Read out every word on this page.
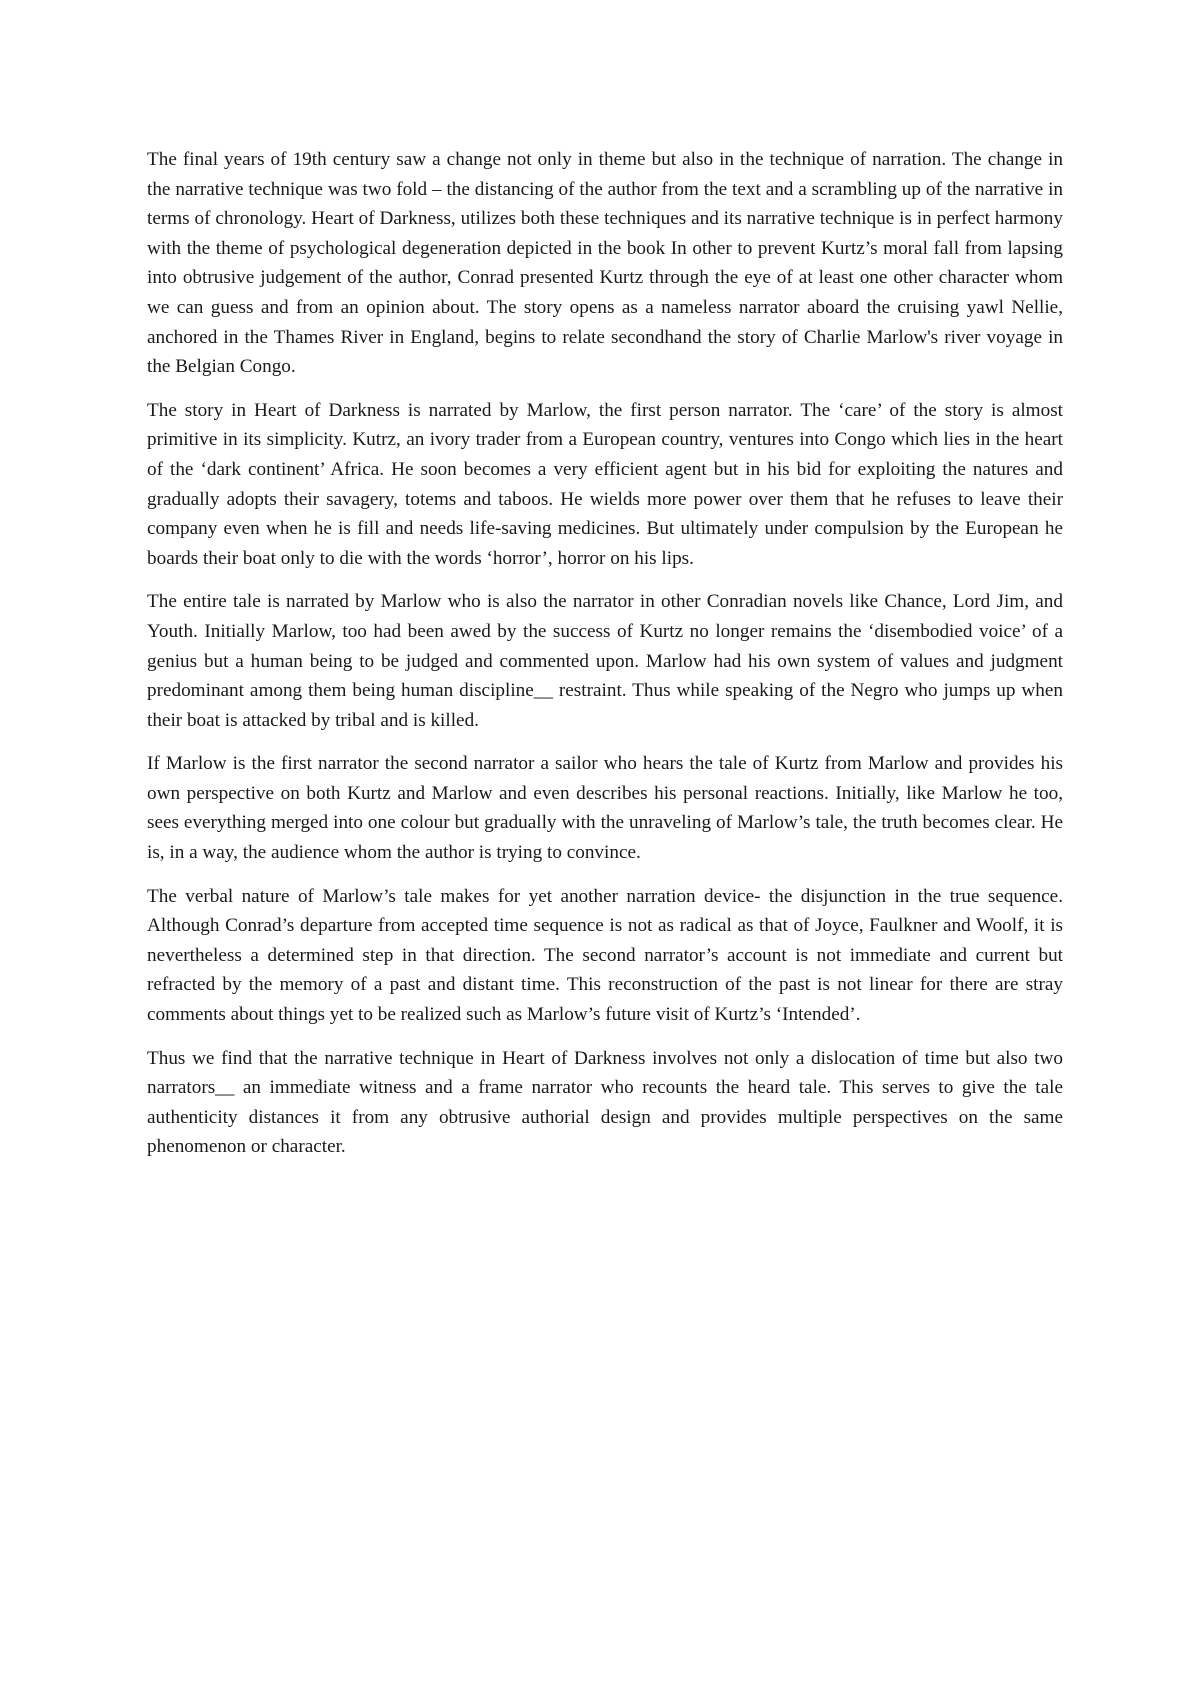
The final years of 19th century saw a change not only in theme but also in the technique of narration. The change in the narrative technique was two fold – the distancing of the author from the text and a scrambling up of the narrative in terms of chronology. Heart of Darkness, utilizes both these techniques and its narrative technique is in perfect harmony with the theme of psychological degeneration depicted in the book In other to prevent Kurtz’s moral fall from lapsing into obtrusive judgement of the author, Conrad presented Kurtz through the eye of at least one other character whom we can guess and from an opinion about. The story opens as a nameless narrator aboard the cruising yawl Nellie, anchored in the Thames River in England, begins to relate secondhand the story of Charlie Marlow's river voyage in the Belgian Congo.

The story in Heart of Darkness is narrated by Marlow, the first person narrator. The ‘care’ of the story is almost primitive in its simplicity. Kutrz, an ivory trader from a European country, ventures into Congo which lies in the heart of the ‘dark continent’ Africa. He soon becomes a very efficient agent but in his bid for exploiting the natures and gradually adopts their savagery, totems and taboos. He wields more power over them that he refuses to leave their company even when he is fill and needs life-saving medicines. But ultimately under compulsion by the European he boards their boat only to die with the words ‘horror’, horror on his lips.

The entire tale is narrated by Marlow who is also the narrator in other Conradian novels like Chance, Lord Jim, and Youth. Initially Marlow, too had been awed by the success of Kurtz no longer remains the ‘disembodied voice’ of a genius but a human being to be judged and commented upon. Marlow had his own system of values and judgment predominant among them being human discipline__ restraint. Thus while speaking of the Negro who jumps up when their boat is attacked by tribal and is killed.

If Marlow is the first narrator the second narrator a sailor who hears the tale of Kurtz from Marlow and provides his own perspective on both Kurtz and Marlow and even describes his personal reactions. Initially, like Marlow he too, sees everything merged into one colour but gradually with the unraveling of Marlow’s tale, the truth becomes clear. He is, in a way, the audience whom the author is trying to convince.

The verbal nature of Marlow’s tale makes for yet another narration device- the disjunction in the true sequence. Although Conrad’s departure from accepted time sequence is not as radical as that of Joyce, Faulkner and Woolf, it is nevertheless a determined step in that direction. The second narrator’s account is not immediate and current but refracted by the memory of a past and distant time. This reconstruction of the past is not linear for there are stray comments about things yet to be realized such as Marlow’s future visit of Kurtz’s ‘Intended’.

Thus we find that the narrative technique in Heart of Darkness involves not only a dislocation of time but also two narrators__ an immediate witness and a frame narrator who recounts the heard tale. This serves to give the tale authenticity distances it from any obtrusive authorial design and provides multiple perspectives on the same phenomenon or character.
